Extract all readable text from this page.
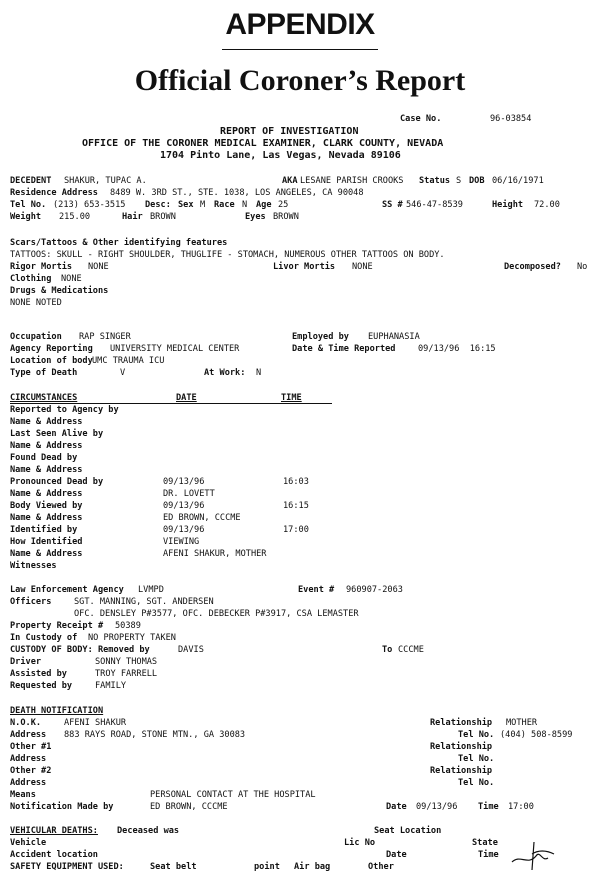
APPENDIX
Official Coroner’s Report
Case No.	96-03854
REPORT OF INVESTIGATION
OFFICE OF THE CORONER MEDICAL EXAMINER, CLARK COUNTY, NEVADA
1704 Pinto Lane, Las Vegas, Nevada 89106
DECEDENT SHAKUR, TUPAC A.	AKA LESANE PARISH CROOKS Status S DOB 06/16/1971
Residence Address 8489 W. 3RD ST., STE. 1038, LOS ANGELES, CA 90048
Tel No. (213) 653-3515 Desc: Sex M Race N Age 25	SS # 546-47-8539	Height 72.00
Weight 215.00	Hair BROWN	Eyes BROWN
Scars/Tattoos & Other identifying features
TATTOOS: SKULL - RIGHT SHOULDER, THUGLIFE - STOMACH, NUMEROUS OTHER TATTOOS ON BODY.
Rigor Mortis NONE	Livor Mortis NONE	Decomposed? No
Clothing NONE
Drugs & Medications
NONE NOTED
Occupation RAP SINGER	Employed by EUPHANASIA
Agency Reporting UNIVERSITY MEDICAL CENTER	Date & Time Reported	09/13/96  16:15
Location of body UMC TRAUMA ICU
Type of Death	V	At Work: N
CIRCUMSTANCES	DATE	TIME
Reported to Agency by
Name & Address
Last Seen Alive by
Name & Address
Found Dead by
Name & Address
Pronounced Dead by	09/13/96	16:03
Name & Address	DR. LOVETT
Body Viewed by	09/13/96	16:15
Name & Address	ED BROWN, CCCME
Identified by	09/13/96	17:00
How Identified	VIEWING
Name & Address	AFENI SHAKUR, MOTHER
Witnesses
Law Enforcement Agency LVMPD	Event # 960907-2063
Officers	SGT. MANNING, SGT. ANDERSEN
OFC. DENSLEY P#3577, OFC. DEBECKER P#3917, CSA LEMASTER
Property Receipt # 50389
In Custody of NO PROPERTY TAKEN
CUSTODY OF BODY: Removed by	DAVIS	To CCCME
Driver	SONNY THOMAS
Assisted by	TROY FARRELL
Requested by	FAMILY
DEATH NOTIFICATION
N.O.K.	AFENI SHAKUR	Relationship MOTHER
Address 883 RAYS ROAD, STONE MTN., GA 30083	Tel No. (404) 508-8599
Other #1	Relationship
Address	Tel No.
Other #2	Relationship
Address	Tel No.
Means	PERSONAL CONTACT AT THE HOSPITAL
Notification Made by	ED BROWN, CCCME	Date 09/13/96 Time 17:00
VEHICULAR DEATHS: Deceased was	Seat Location
Vehicle	Lic No	State
Accident location	Date	Time
SAFETY EQUIPMENT USED:	Seat belt	point Air bag	Other
